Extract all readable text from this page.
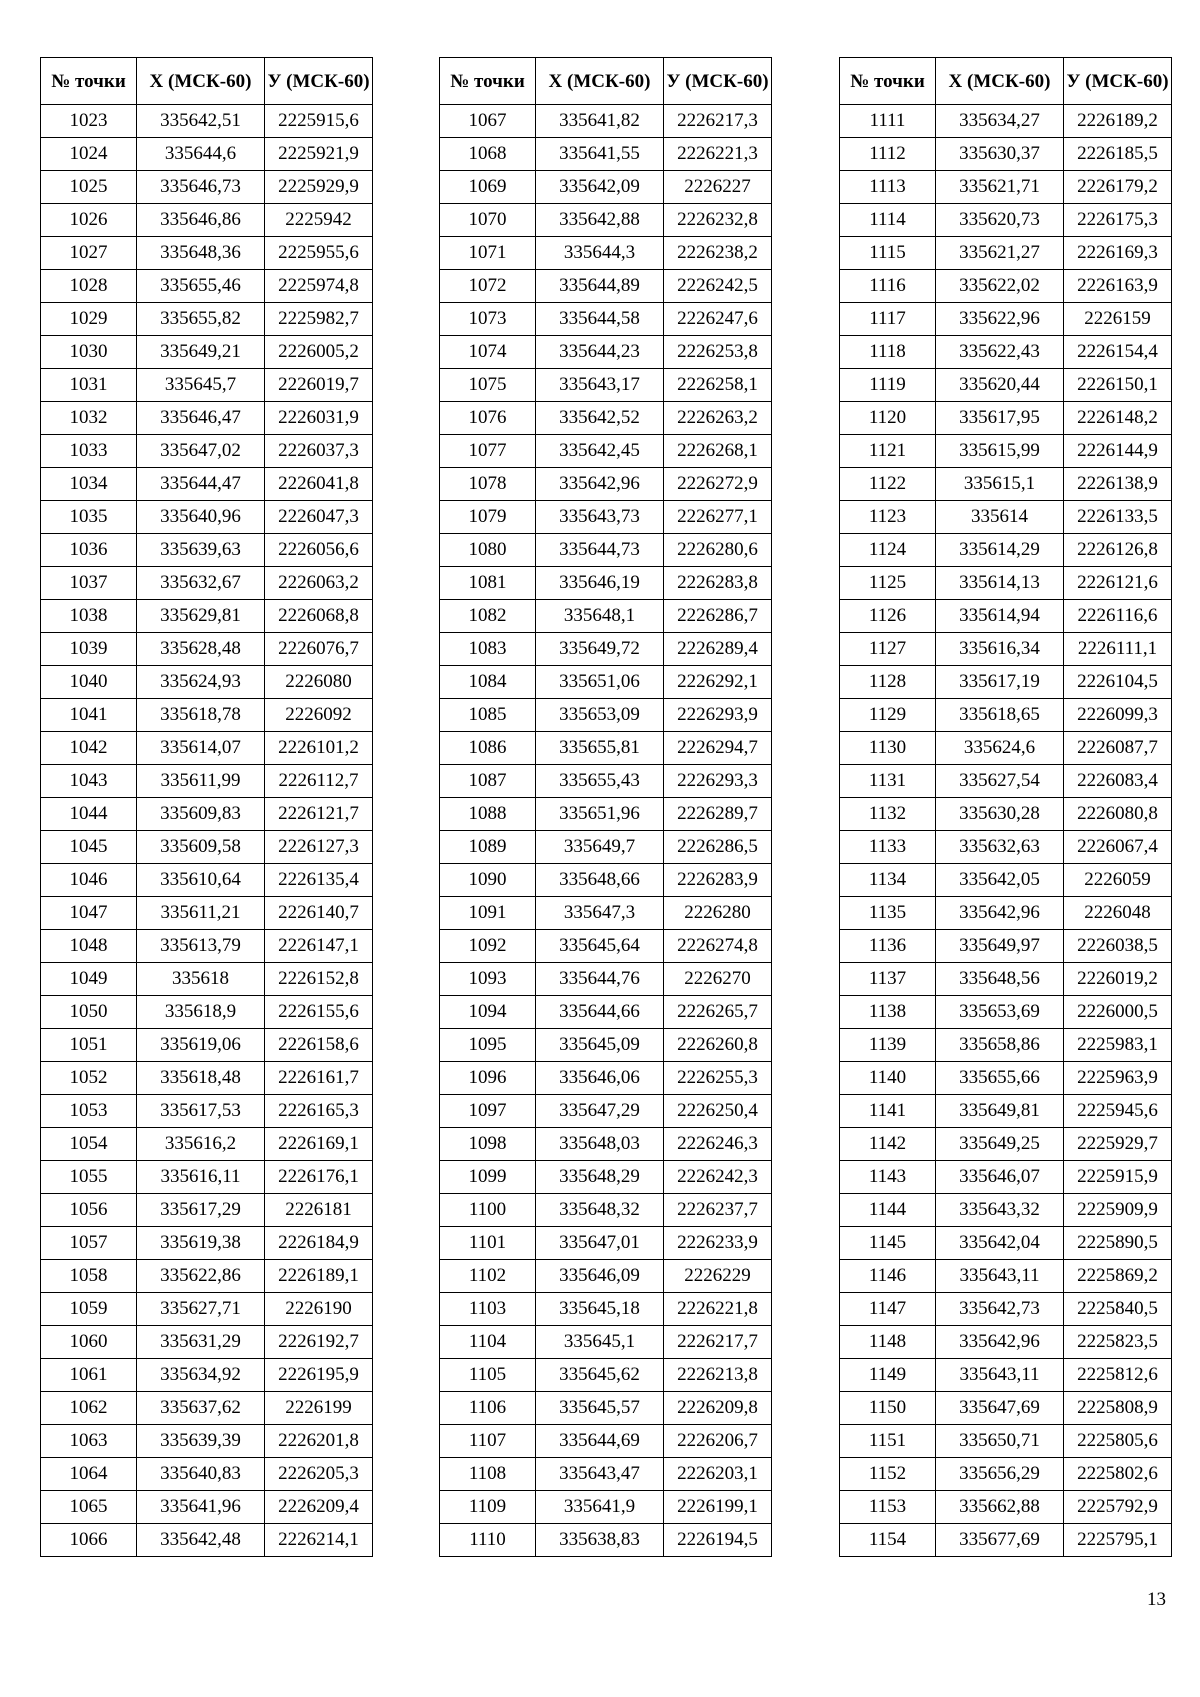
№ точки	Х (МСК-60)	У (МСК-60)
1023	335642,51	2225915,6
1024	335644,6	2225921,9
1025	335646,73	2225929,9
1026	335646,86	2225942
1027	335648,36	2225955,6
1028	335655,46	2225974,8
1029	335655,82	2225982,7
1030	335649,21	2226005,2
1031	335645,7	2226019,7
1032	335646,47	2226031,9
1033	335647,02	2226037,3
1034	335644,47	2226041,8
1035	335640,96	2226047,3
1036	335639,63	2226056,6
1037	335632,67	2226063,2
1038	335629,81	2226068,8
1039	335628,48	2226076,7
1040	335624,93	2226080
1041	335618,78	2226092
1042	335614,07	2226101,2
1043	335611,99	2226112,7
1044	335609,83	2226121,7
1045	335609,58	2226127,3
1046	335610,64	2226135,4
1047	335611,21	2226140,7
1048	335613,79	2226147,1
1049	335618	2226152,8
1050	335618,9	2226155,6
1051	335619,06	2226158,6
1052	335618,48	2226161,7
1053	335617,53	2226165,3
1054	335616,2	2226169,1
1055	335616,11	2226176,1
1056	335617,29	2226181
1057	335619,38	2226184,9
1058	335622,86	2226189,1
1059	335627,71	2226190
1060	335631,29	2226192,7
1061	335634,92	2226195,9
1062	335637,62	2226199
1063	335639,39	2226201,8
1064	335640,83	2226205,3
1065	335641,96	2226209,4
1066	335642,48	2226214,1
№ точки	Х (МСК-60)	У (МСК-60)
1067	335641,82	2226217,3
1068	335641,55	2226221,3
1069	335642,09	2226227
1070	335642,88	2226232,8
1071	335644,3	2226238,2
1072	335644,89	2226242,5
1073	335644,58	2226247,6
1074	335644,23	2226253,8
1075	335643,17	2226258,1
1076	335642,52	2226263,2
1077	335642,45	2226268,1
1078	335642,96	2226272,9
1079	335643,73	2226277,1
1080	335644,73	2226280,6
1081	335646,19	2226283,8
1082	335648,1	2226286,7
1083	335649,72	2226289,4
1084	335651,06	2226292,1
1085	335653,09	2226293,9
1086	335655,81	2226294,7
1087	335655,43	2226293,3
1088	335651,96	2226289,7
1089	335649,7	2226286,5
1090	335648,66	2226283,9
1091	335647,3	2226280
1092	335645,64	2226274,8
1093	335644,76	2226270
1094	335644,66	2226265,7
1095	335645,09	2226260,8
1096	335646,06	2226255,3
1097	335647,29	2226250,4
1098	335648,03	2226246,3
1099	335648,29	2226242,3
1100	335648,32	2226237,7
1101	335647,01	2226233,9
1102	335646,09	2226229
1103	335645,18	2226221,8
1104	335645,1	2226217,7
1105	335645,62	2226213,8
1106	335645,57	2226209,8
1107	335644,69	2226206,7
1108	335643,47	2226203,1
1109	335641,9	2226199,1
1110	335638,83	2226194,5
№ точки	Х (МСК-60)	У (МСК-60)
1111	335634,27	2226189,2
1112	335630,37	2226185,5
1113	335621,71	2226179,2
1114	335620,73	2226175,3
1115	335621,27	2226169,3
1116	335622,02	2226163,9
1117	335622,96	2226159
1118	335622,43	2226154,4
1119	335620,44	2226150,1
1120	335617,95	2226148,2
1121	335615,99	2226144,9
1122	335615,1	2226138,9
1123	335614	2226133,5
1124	335614,29	2226126,8
1125	335614,13	2226121,6
1126	335614,94	2226116,6
1127	335616,34	2226111,1
1128	335617,19	2226104,5
1129	335618,65	2226099,3
1130	335624,6	2226087,7
1131	335627,54	2226083,4
1132	335630,28	2226080,8
1133	335632,63	2226067,4
1134	335642,05	2226059
1135	335642,96	2226048
1136	335649,97	2226038,5
1137	335648,56	2226019,2
1138	335653,69	2226000,5
1139	335658,86	2225983,1
1140	335655,66	2225963,9
1141	335649,81	2225945,6
1142	335649,25	2225929,7
1143	335646,07	2225915,9
1144	335643,32	2225909,9
1145	335642,04	2225890,5
1146	335643,11	2225869,2
1147	335642,73	2225840,5
1148	335642,96	2225823,5
1149	335643,11	2225812,6
1150	335647,69	2225808,9
1151	335650,71	2225805,6
1152	335656,29	2225802,6
1153	335662,88	2225792,9
1154	335677,69	2225795,1
13
